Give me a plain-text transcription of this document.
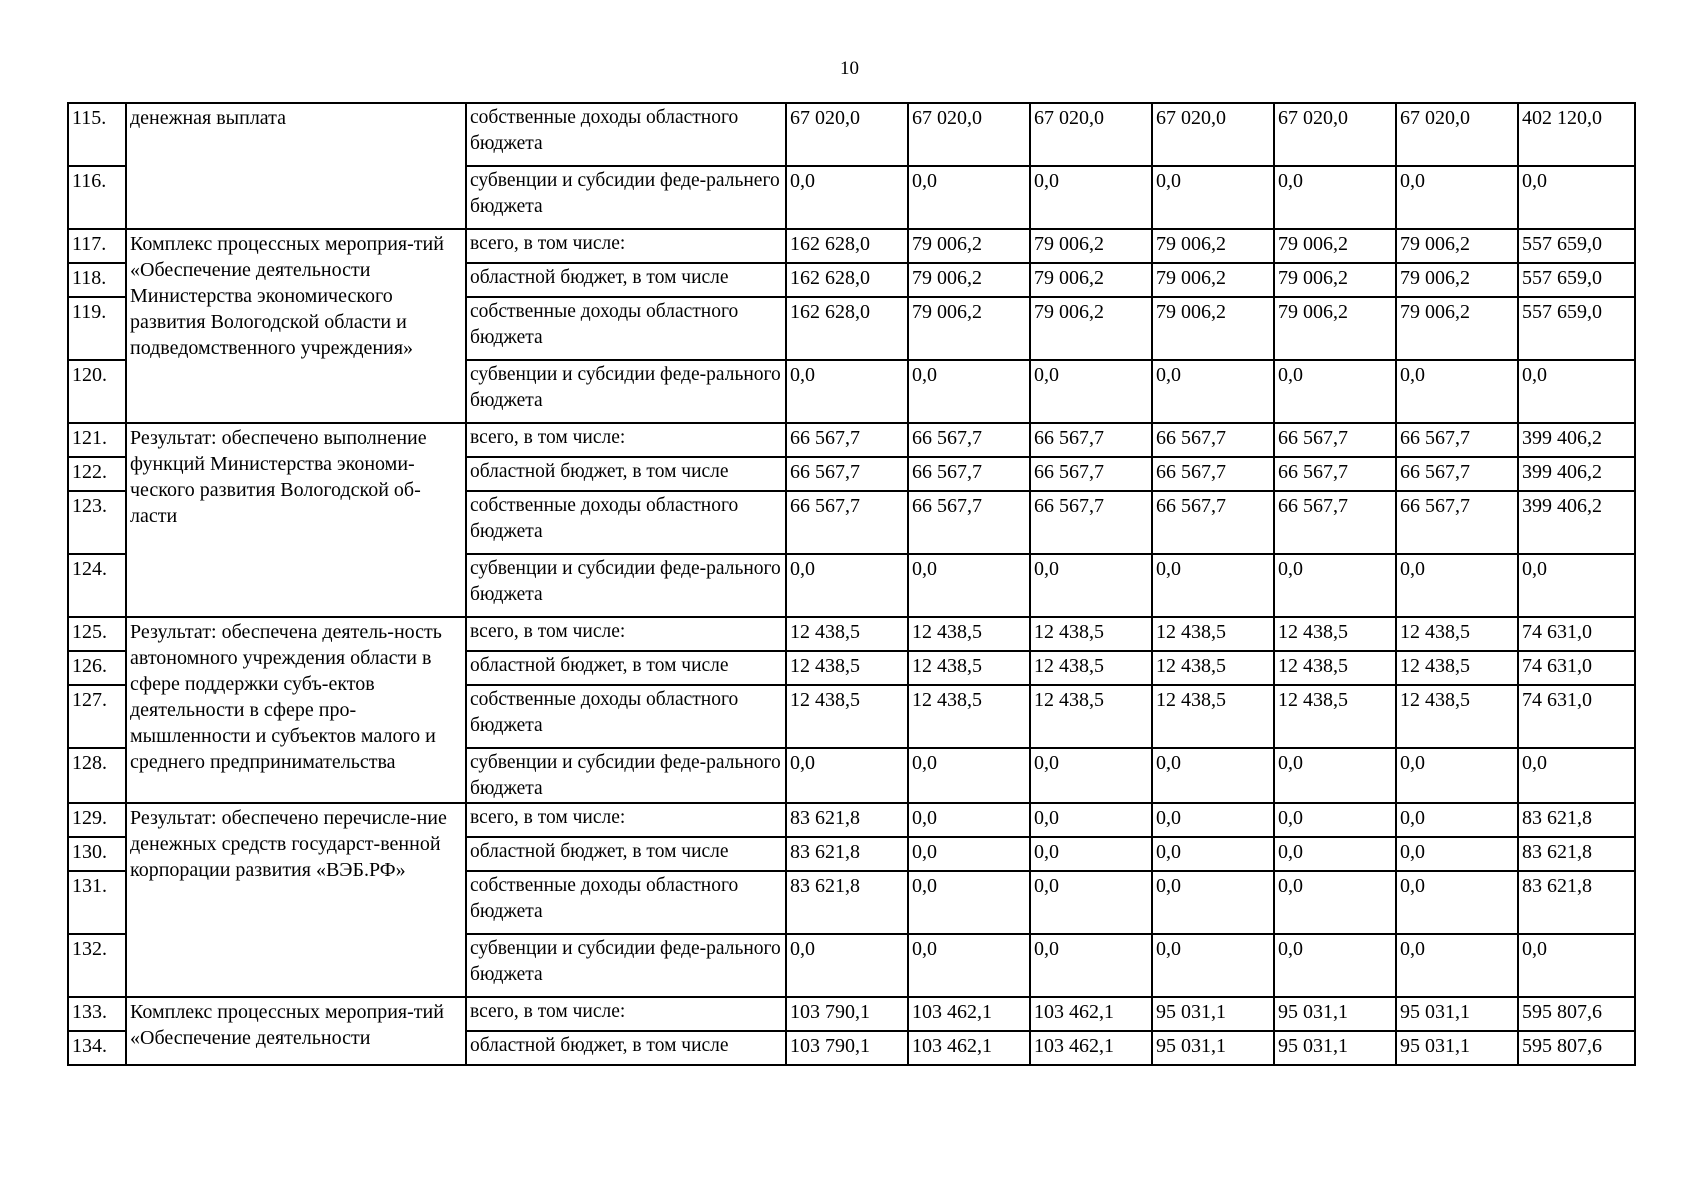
10
115.	денежная выплата	собственные доходы областного бюджета	67 020,0	67 020,0	67 020,0	67 020,0	67 020,0	67 020,0	402 120,0
116.		субвенции и субсидии феде-ральнего бюджета	0,0	0,0	0,0	0,0	0,0	0,0	0,0
117.	Комплекс процессных мероприя-тий «Обеспечение деятельности Министерства экономического развития Вологодской области и подведомственного учреждения»	всего, в том числе:	162 628,0	79 006,2	79 006,2	79 006,2	79 006,2	79 006,2	557 659,0
118.		областной бюджет, в том числе	162 628,0	79 006,2	79 006,2	79 006,2	79 006,2	79 006,2	557 659,0
119.		собственные доходы областного бюджета	162 628,0	79 006,2	79 006,2	79 006,2	79 006,2	79 006,2	557 659,0
120.		субвенции и субсидии феде-рального бюджета	0,0	0,0	0,0	0,0	0,0	0,0	0,0
121.	Результат: обеспечено выполнение функций Министерства экономи-ческого развития Вологодской об-ласти	всего, в том числе:	66 567,7	66 567,7	66 567,7	66 567,7	66 567,7	66 567,7	399 406,2
122.		областной бюджет, в том числе	66 567,7	66 567,7	66 567,7	66 567,7	66 567,7	66 567,7	399 406,2
123.		собственные доходы областного бюджета	66 567,7	66 567,7	66 567,7	66 567,7	66 567,7	66 567,7	399 406,2
124.		субвенции и субсидии феде-рального бюджета	0,0	0,0	0,0	0,0	0,0	0,0	0,0
125.	Результат: обеспечена деятель-ность автономного учреждения области в сфере поддержки субъ-ектов деятельности в сфере про-мышленности и субъектов малого и среднего предпринимательства	всего, в том числе:	12 438,5	12 438,5	12 438,5	12 438,5	12 438,5	12 438,5	74 631,0
126.		областной бюджет, в том числе	12 438,5	12 438,5	12 438,5	12 438,5	12 438,5	12 438,5	74 631,0
127.		собственные доходы областного бюджета	12 438,5	12 438,5	12 438,5	12 438,5	12 438,5	12 438,5	74 631,0
128.		субвенции и субсидии феде-рального бюджета	0,0	0,0	0,0	0,0	0,0	0,0	0,0
129.	Результат: обеспечено перечисле-ние денежных средств государст-венной корпорации развития «ВЭБ.РФ»	всего, в том числе:	83 621,8	0,0	0,0	0,0	0,0	0,0	83 621,8
130.		областной бюджет, в том числе	83 621,8	0,0	0,0	0,0	0,0	0,0	83 621,8
131.		собственные доходы областного бюджета	83 621,8	0,0	0,0	0,0	0,0	0,0	83 621,8
132.		субвенции и субсидии феде-рального бюджета	0,0	0,0	0,0	0,0	0,0	0,0	0,0
133.	Комплекс процессных мероприя-тий «Обеспечение деятельности	всего, в том числе:	103 790,1	103 462,1	103 462,1	95 031,1	95 031,1	95 031,1	595 807,6
134.		областной бюджет, в том числе	103 790,1	103 462,1	103 462,1	95 031,1	95 031,1	95 031,1	595 807,6
